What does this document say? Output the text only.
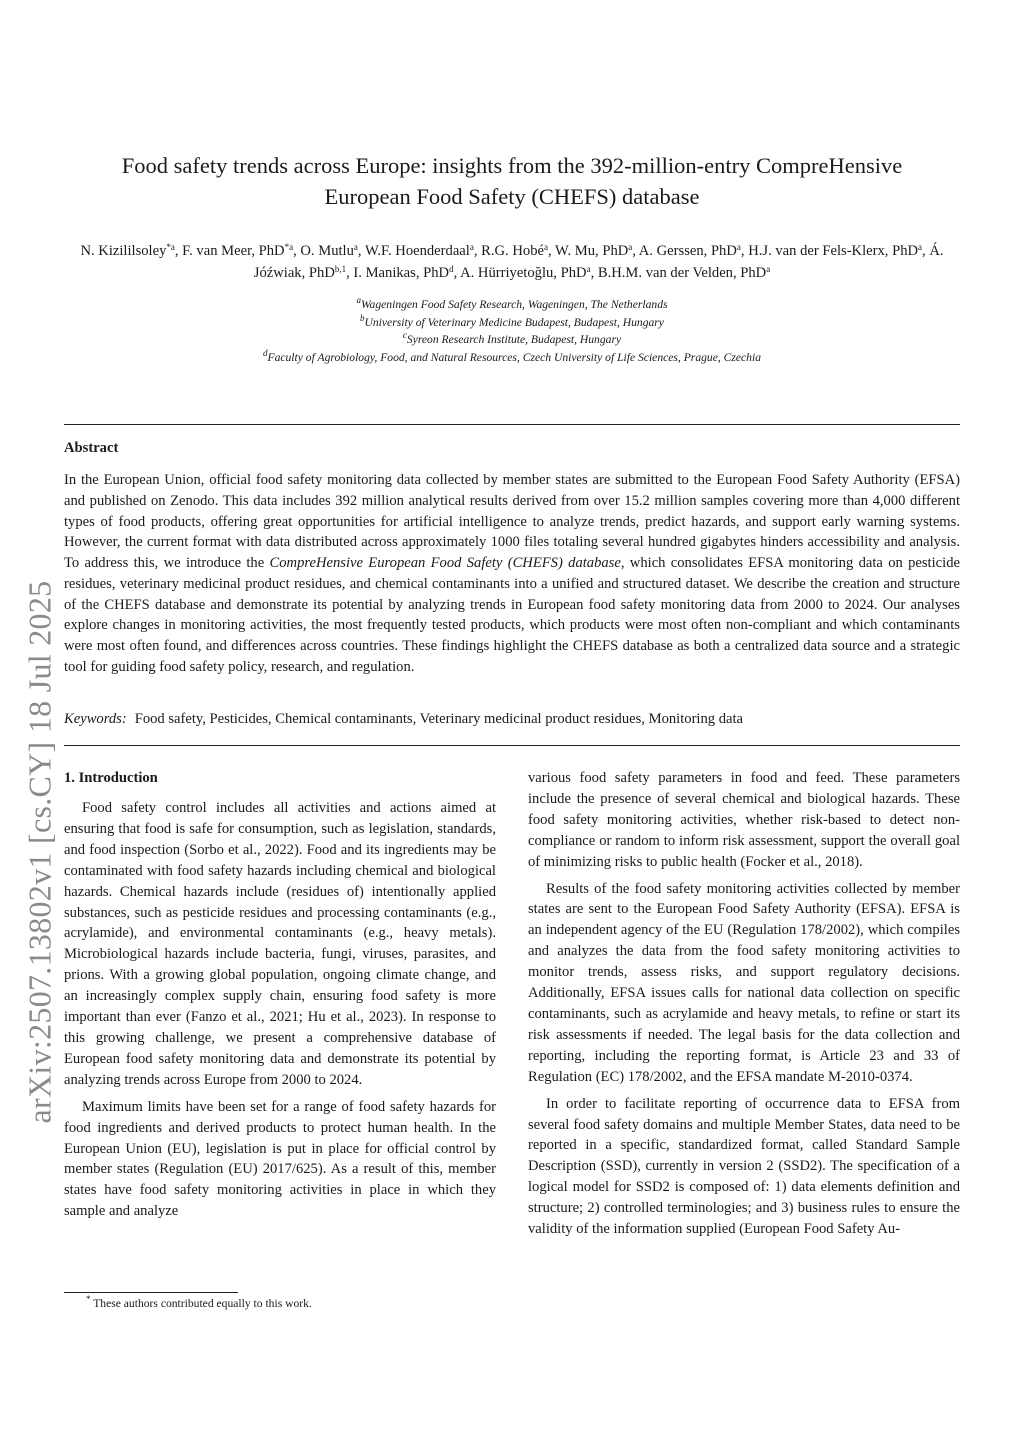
Food safety trends across Europe: insights from the 392-million-entry CompreHensive
European Food Safety (CHEFS) database
N. Kizililsoley$^{*a}$, F. van Meer, PhD$^{*a}$, O. Mutlu$^a$, W.F. Hoenderdaal$^a$, R.G. Hobé$^a$, W. Mu, PhD$^a$, A. Gerssen, PhD$^a$, H.J. van der Fels-Klerx, PhD$^a$, Á. Jóźwiak, PhD$^{b,1}$, I. Manikas, PhD$^d$, A. Hürriyetoğlu, PhD$^a$, B.H.M. van der Velden, PhD$^a$
$^a$Wageningen Food Safety Research, Wageningen, The Netherlands
$^b$University of Veterinary Medicine Budapest, Budapest, Hungary
$^c$Syreon Research Institute, Budapest, Hungary
$^d$Faculty of Agrobiology, Food, and Natural Resources, Czech University of Life Sciences, Prague, Czechia
arXiv:2507.13802v1 [cs.CY] 18 Jul 2025
Abstract

In the European Union, official food safety monitoring data collected by member states are submitted to the European Food Safety Authority (EFSA) and published on Zenodo. This data includes 392 million analytical results derived from over 15.2 million samples covering more than 4,000 different types of food products, offering great opportunities for artificial intelligence to analyze trends, predict hazards, and support early warning systems. However, the current format with data distributed across approximately 1000 files totaling several hundred gigabytes hinders accessibility and analysis. To address this, we introduce the CompreHensive European Food Safety (CHEFS) database, which consolidates EFSA monitoring data on pesticide residues, veterinary medicinal product residues, and chemical contaminants into a unified and structured dataset. We describe the creation and structure of the CHEFS database and demonstrate its potential by analyzing trends in European food safety monitoring data from 2000 to 2024. Our analyses explore changes in monitoring activities, the most frequently tested products, which products were most often non-compliant and which contaminants were most often found, and differences across countries. These findings highlight the CHEFS database as both a centralized data source and a strategic tool for guiding food safety policy, research, and regulation.

Keywords: Food safety, Pesticides, Chemical contaminants, Veterinary medicinal product residues, Monitoring data
1. Introduction

Food safety control includes all activities and actions aimed at ensuring that food is safe for consumption, such as legislation, standards, and food inspection (Sorbo et al., 2022). Food and its ingredients may be contaminated with food safety hazards including chemical and biological hazards. Chemical hazards include (residues of) intentionally applied substances, such as pesticide residues and processing contaminants (e.g., acrylamide), and environmental contaminants (e.g., heavy metals). Microbiological hazards include bacteria, fungi, viruses, parasites, and prions. With a growing global population, ongoing climate change, and an increasingly complex supply chain, ensuring food safety is more important than ever (Fanzo et al., 2021; Hu et al., 2023). In response to this growing challenge, we present a comprehensive database of European food safety monitoring data and demonstrate its potential by analyzing trends across Europe from 2000 to 2024.

Maximum limits have been set for a range of food safety hazards for food ingredients and derived products to protect human health. In the European Union (EU), legislation is put in place for official control by member states (Regulation (EU) 2017/625). As a result of this, member states have food safety monitoring activities in place in which they sample and analyze

various food safety parameters in food and feed. These parameters include the presence of several chemical and biological hazards. These food safety monitoring activities, whether risk-based to detect non-compliance or random to inform risk assessment, support the overall goal of minimizing risks to public health (Focker et al., 2018).

Results of the food safety monitoring activities collected by member states are sent to the European Food Safety Authority (EFSA). EFSA is an independent agency of the EU (Regulation 178/2002), which compiles and analyzes the data from the food safety monitoring activities to monitor trends, assess risks, and support regulatory decisions. Additionally, EFSA issues calls for national data collection on specific contaminants, such as acrylamide and heavy metals, to refine or start its risk assessments if needed. The legal basis for the data collection and reporting, including the reporting format, is Article 23 and 33 of Regulation (EC) 178/2002, and the EFSA mandate M-2010-0374.

In order to facilitate reporting of occurrence data to EFSA from several food safety domains and multiple Member States, data need to be reported in a specific, standardized format, called Standard Sample Description (SSD), currently in version 2 (SSD2). The specification of a logical model for SSD2 is composed of: 1) data elements definition and structure; 2) controlled terminologies; and 3) business rules to ensure the validity of the information supplied (European Food Safety Au-

* These authors contributed equally to this work.
